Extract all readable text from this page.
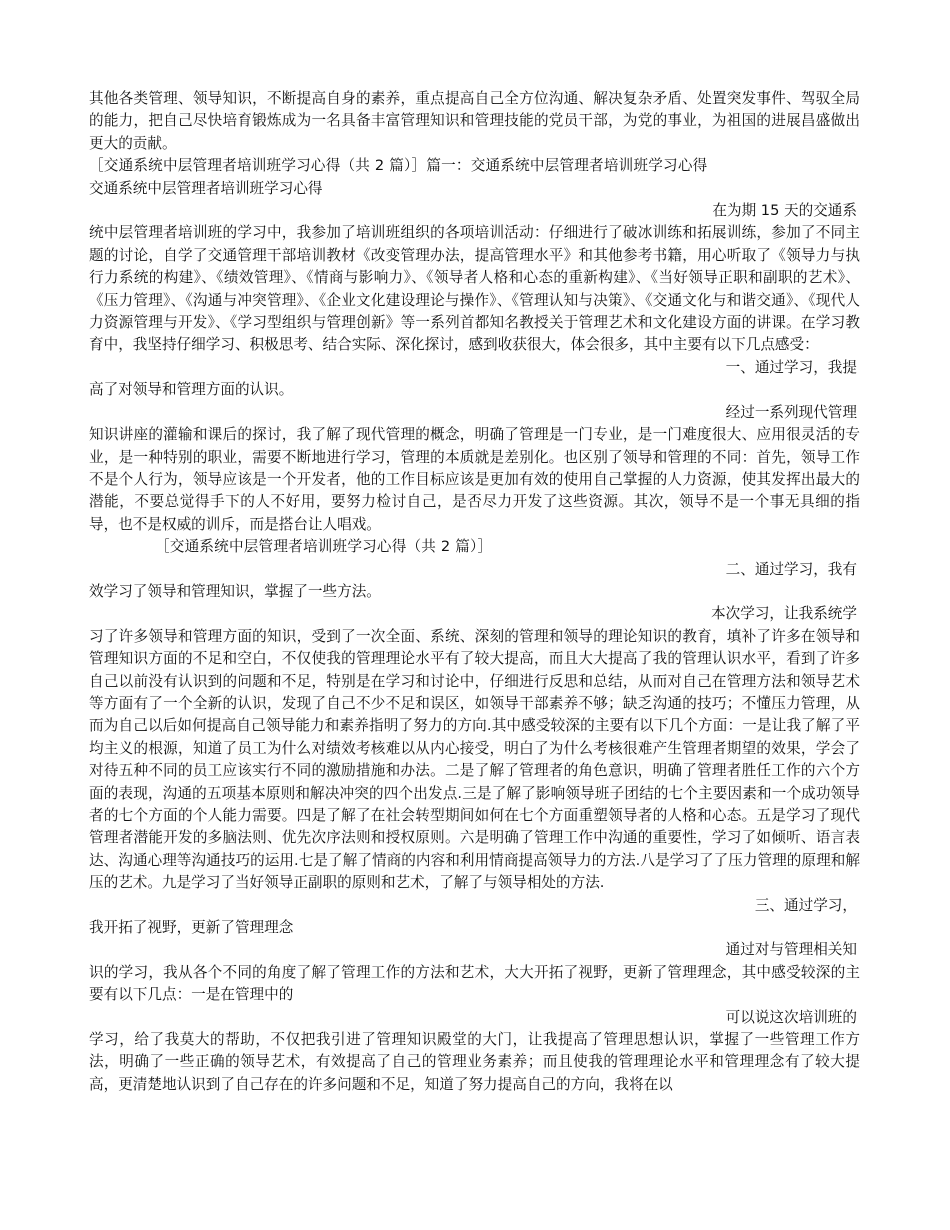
其他各类管理、领导知识，不断提高自身的素养，重点提高自己全方位沟通、解决复杂矛盾、处置突发事件、驾驭全局的能力，把自己尽快培育锻炼成为一名具备丰富管理知识和管理技能的党员干部，为党的事业，为祖国的进展昌盛做出更大的贡献。

［交通系统中层管理者培训班学习心得（共 2 篇）］篇一：交通系统中层管理者培训班学习心得

交通系统中层管理者培训班学习心得

在为期 15 天的交通系

统中层管理者培训班的学习中，我参加了培训班组织的各项培训活动：仔细进行了破冰训练和拓展训练，参加了不同主题的讨论，自学了交通管理干部培训教材《改变管理办法，提高管理水平》和其他参考书籍，用心听取了《领导力与执行力系统的构建》、《绩效管理》、《情商与影响力》、《领导者人格和心态的重新构建》、《当好领导正职和副职的艺术》、《压力管理》、《沟通与冲突管理》、《企业文化建设理论与操作》、《管理认知与决策》、《交通文化与和谐交通》、《现代人力资源管理与开发》、《学习型组织与管理创新》等一系列首都知名教授关于管理艺术和文化建设方面的讲课。在学习教育中，我坚持仔细学习、积极思考、结合实际、深化探讨，感到收获很大，体会很多，其中主要有以下几点感受：

一、通过学习，我提

高了对领导和管理方面的认识。

经过一系列现代管理

知识讲座的灌输和课后的探讨，我了解了现代管理的概念，明确了管理是一门专业，是一门难度很大、应用很灵活的专业，是一种特别的职业，需要不断地进行学习，管理的本质就是差别化。也区别了领导和管理的不同：首先，领导工作不是个人行为，领导应该是一个开发者，他的工作目标应该是更加有效的使用自己掌握的人力资源，使其发挥出最大的潜能，不要总觉得手下的人不好用，要努力检讨自己，是否尽力开发了这些资源。其次，领导不是一个事无具细的指导，也不是权威的训斥，而是搭台让人唱戏。

［交通系统中层管理者培训班学习心得（共 2 篇）］

二、通过学习，我有

效学习了领导和管理知识，掌握了一些方法。

本次学习，让我系统学

习了许多领导和管理方面的知识，受到了一次全面、系统、深刻的管理和领导的理论知识的教育，填补了许多在领导和管理知识方面的不足和空白，不仅使我的管理理论水平有了较大提高，而且大大提高了我的管理认识水平，看到了许多自己以前没有认识到的问题和不足，特别是在学习和讨论中，仔细进行反思和总结，从而对自己在管理方法和领导艺术等方面有了一个全新的认识，发现了自己不少不足和误区，如领导干部素养不够；缺乏沟通的技巧；不懂压力管理，从而为自己以后如何提高自己领导能力和素养指明了努力的方向.其中感受较深的主要有以下几个方面：一是让我了解了平均主义的根源，知道了员工为什么对绩效考核难以从内心接受，明白了为什么考核很难产生管理者期望的效果，学会了对待五种不同的员工应该实行不同的激励措施和办法。二是了解了管理者的角色意识，明确了管理者胜任工作的六个方面的表现，沟通的五项基本原则和解决冲突的四个出发点.三是了解了影响领导班子团结的七个主要因素和一个成功领导者的七个方面的个人能力需要。四是了解了在社会转型期间如何在七个方面重塑领导者的人格和心态。五是学习了现代管理者潜能开发的多脑法则、优先次序法则和授权原则。六是明确了管理工作中沟通的重要性，学习了如倾听、语言表达、沟通心理等沟通技巧的运用.七是了解了情商的内容和利用情商提高领导力的方法.八是学习了了压力管理的原理和解压的艺术。九是学习了当好领导正副职的原则和艺术，了解了与领导相处的方法.

三、通过学习，

我开拓了视野，更新了管理理念

通过对与管理相关知

识的学习，我从各个不同的角度了解了管理工作的方法和艺术，大大开拓了视野，更新了管理理念，其中感受较深的主要有以下几点：一是在管理中的

可以说这次培训班的

学习，给了我莫大的帮助，不仅把我引进了管理知识殿堂的大门，让我提高了管理思想认识，掌握了一些管理工作方法，明确了一些正确的领导艺术，有效提高了自己的管理业务素养；而且使我的管理理论水平和管理理念有了较大提高，更清楚地认识到了自己存在的许多问题和不足，知道了努力提高自己的方向，我将在以
